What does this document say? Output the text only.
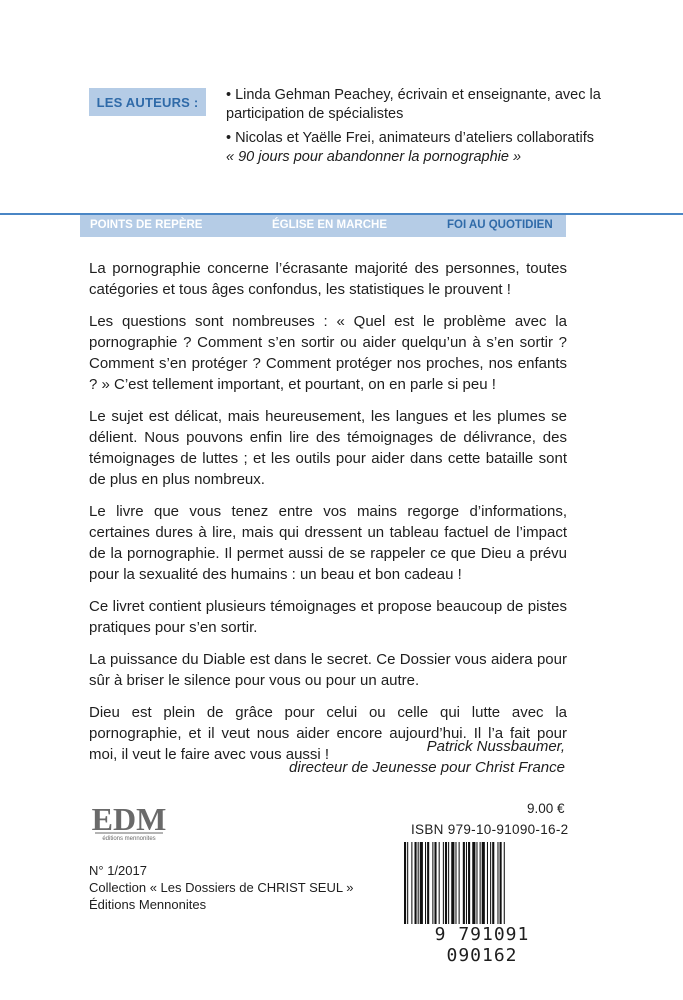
LES AUTEURS :	• Linda Gehman Peachey, écrivain et enseignante, avec la participation de spécialistes
• Nicolas et Yaëlle Frei, animateurs d’ateliers collaboratifs
« 90 jours pour abandonner la pornographie »
POINTS DE REPÈRE	ÉGLISE EN MARCHE	FOI AU QUOTIDIEN

La pornographie concerne l’écrasante majorité des personnes, toutes catégories et tous âges confondus, les statistiques le prouvent !

Les questions sont nombreuses : « Quel est le problème avec la pornographie ? Comment s’en sortir ou aider quelqu’un à s’en sortir ? Comment s’en protéger ? Comment protéger nos proches, nos enfants ? » C’est tellement important, et pourtant, on en parle si peu !

Le sujet est délicat, mais heureusement, les langues et les plumes se délient. Nous pouvons enfin lire des témoignages de délivrance, des témoignages de luttes ; et les outils pour aider dans cette bataille sont de plus en plus nombreux.

Le livre que vous tenez entre vos mains regorge d’informations, certaines dures à lire, mais qui dressent un tableau factuel de l’impact de la pornographie. Il permet aussi de se rappeler ce que Dieu a prévu pour la sexualité des humains : un beau et bon cadeau !

Ce livret contient plusieurs témoignages et propose beaucoup de pistes pratiques pour s’en sortir.

La puissance du Diable est dans le secret. Ce Dossier vous aidera pour sûr à briser le silence pour vous ou pour un autre.

Dieu est plein de grâce pour celui ou celle qui lutte avec la pornographie, et il veut nous aider encore aujourd’hui. Il l’a fait pour moi, il veut le faire avec vous aussi !	Patrick Nussbaumer,
directeur de Jeunesse pour Christ France
EDM
éditions mennonites
N° 1/2017
Collection « Les Dossiers de CHRIST SEUL »
Éditions Mennonites
9.00 €
ISBN 979-10-91090-16-2
9 791091 090162
